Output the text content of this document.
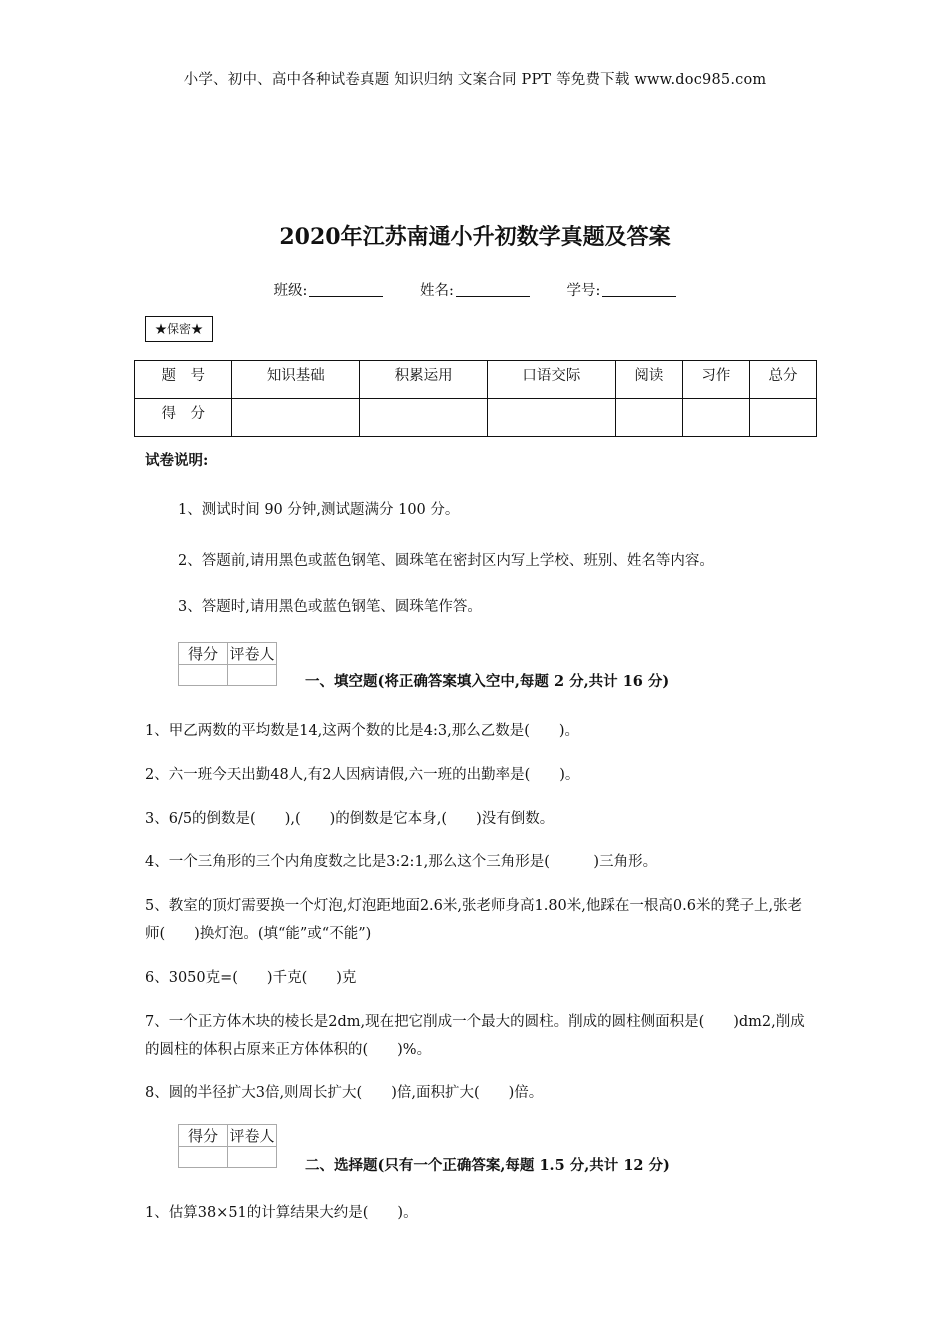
小学、初中、高中各种试卷真题 知识归纳 文案合同 PPT 等免费下载 www.doc985.com
2020年江苏南通小升初数学真题及答案
班级:	姓名:	学号:
★保密★
题　号	知识基础	积累运用	口语交际	阅读	习作	总分
得　分						
试卷说明:
1、测试时间 90 分钟,测试题满分 100 分。
2、答题前,请用黑色或蓝色钢笔、圆珠笔在密封区内写上学校、班别、姓名等内容。
3、答题时,请用黑色或蓝色钢笔、圆珠笔作答。
得分	评卷人

一、填空题(将正确答案填入空中,每题 2 分,共计 16 分)
1、甲乙两数的平均数是14,这两个数的比是4:3,那么乙数是(　　)。
2、六一班今天出勤48人,有2人因病请假,六一班的出勤率是(　　)。
3、6/5的倒数是(　　),(　　)的倒数是它本身,(　　)没有倒数。
4、一个三角形的三个内角度数之比是3:2:1,那么这个三角形是(　　　)三角形。
5、教室的顶灯需要换一个灯泡,灯泡距地面2.6米,张老师身高1.80米,他踩在一根高0.6米的凳子上,张老师(　　)换灯泡。(填“能”或“不能”)
6、3050克=(　　)千克(　　)克
7、一个正方体木块的棱长是2dm,现在把它削成一个最大的圆柱。削成的圆柱侧面积是(　　)dm2,削成的圆柱的体积占原来正方体体积的(　　)%。
8、圆的半径扩大3倍,则周长扩大(　　)倍,面积扩大(　　)倍。
得分	评卷人

二、选择题(只有一个正确答案,每题 1.5 分,共计 12 分)
1、估算38×51的计算结果大约是(　　)。
